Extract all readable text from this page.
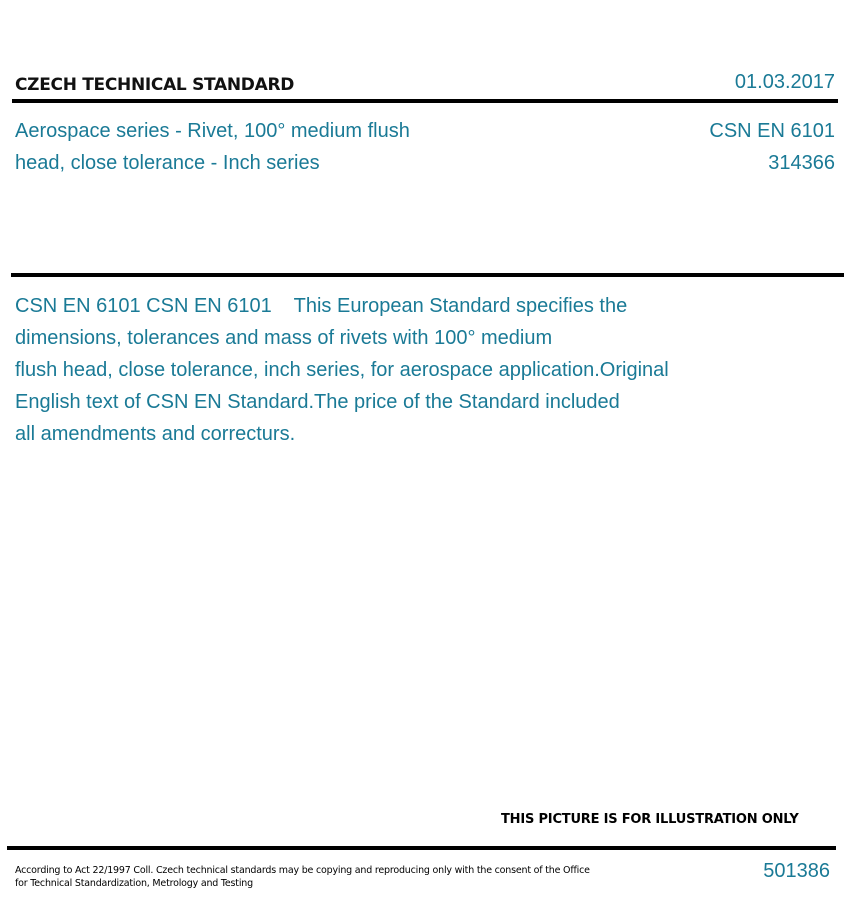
CZECH TECHNICAL STANDARD	01.03.2017
Aerospace series - Rivet, 100° medium flush
head, close tolerance - Inch series
CSN EN 6101
314366
CSN EN 6101 CSN EN 6101    This European Standard specifies the
dimensions, tolerances and mass of rivets with 100° medium
flush head, close tolerance, inch series, for aerospace application.Original
English text of CSN EN Standard.The price of the Standard included
all amendments and correcturs.
THIS PICTURE IS FOR ILLUSTRATION ONLY
According to Act 22/1997 Coll. Czech technical standards may be copying and reproducing only with the consent of the Office
for Technical Standardization, Metrology and Testing
501386
